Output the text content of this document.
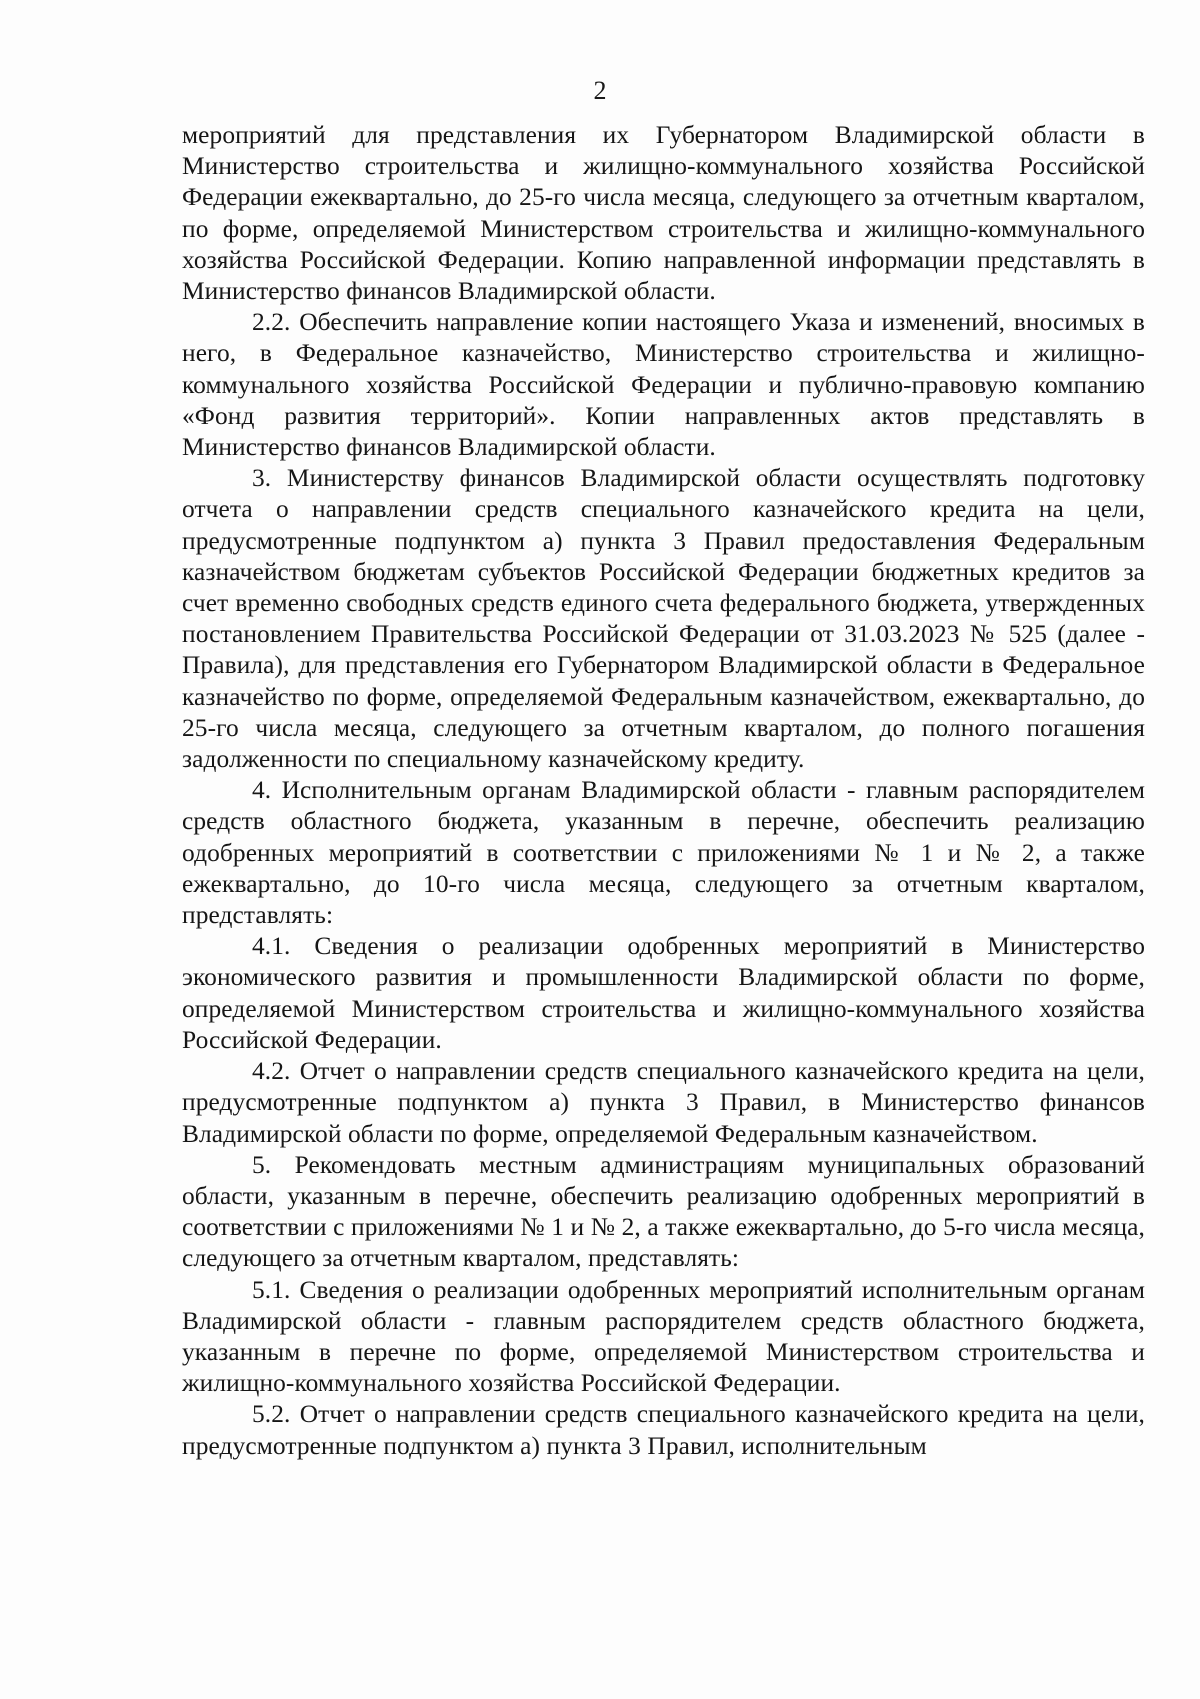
2

мероприятий для представления их Губернатором Владимирской области в Министерство строительства и жилищно-коммунального хозяйства Российской Федерации ежеквартально, до 25-го числа месяца, следующего за отчетным кварталом, по форме, определяемой Министерством строительства и жилищно-коммунального хозяйства Российской Федерации. Копию направленной информации представлять в Министерство финансов Владимирской области.

2.2. Обеспечить направление копии настоящего Указа и изменений, вносимых в него, в Федеральное казначейство, Министерство строительства и жилищно-коммунального хозяйства Российской Федерации и публично-правовую компанию «Фонд развития территорий». Копии направленных актов представлять в Министерство финансов Владимирской области.

3. Министерству финансов Владимирской области осуществлять подготовку отчета о направлении средств специального казначейского кредита на цели, предусмотренные подпунктом а) пункта 3 Правил предоставления Федеральным казначейством бюджетам субъектов Российской Федерации бюджетных кредитов за счет временно свободных средств единого счета федерального бюджета, утвержденных постановлением Правительства Российской Федерации от 31.03.2023 № 525 (далее - Правила), для представления его Губернатором Владимирской области в Федеральное казначейство по форме, определяемой Федеральным казначейством, ежеквартально, до 25-го числа месяца, следующего за отчетным кварталом, до полного погашения задолженности по специальному казначейскому кредиту.

4. Исполнительным органам Владимирской области - главным распорядителем средств областного бюджета, указанным в перечне, обеспечить реализацию одобренных мероприятий в соответствии с приложениями № 1 и № 2, а также ежеквартально, до 10-го числа месяца, следующего за отчетным кварталом, представлять:

4.1. Сведения о реализации одобренных мероприятий в Министерство экономического развития и промышленности Владимирской области по форме, определяемой Министерством строительства и жилищно-коммунального хозяйства Российской Федерации.

4.2. Отчет о направлении средств специального казначейского кредита на цели, предусмотренные подпунктом а) пункта 3 Правил, в Министерство финансов Владимирской области по форме, определяемой Федеральным казначейством.

5. Рекомендовать местным администрациям муниципальных образований области, указанным в перечне, обеспечить реализацию одобренных мероприятий в соответствии с приложениями № 1 и № 2, а также ежеквартально, до 5-го числа месяца, следующего за отчетным кварталом, представлять:

5.1. Сведения о реализации одобренных мероприятий исполнительным органам Владимирской области - главным распорядителем средств областного бюджета, указанным в перечне по форме, определяемой Министерством строительства и жилищно-коммунального хозяйства Российской Федерации.

5.2. Отчет о направлении средств специального казначейского кредита на цели, предусмотренные подпунктом а) пункта 3 Правил, исполнительным
